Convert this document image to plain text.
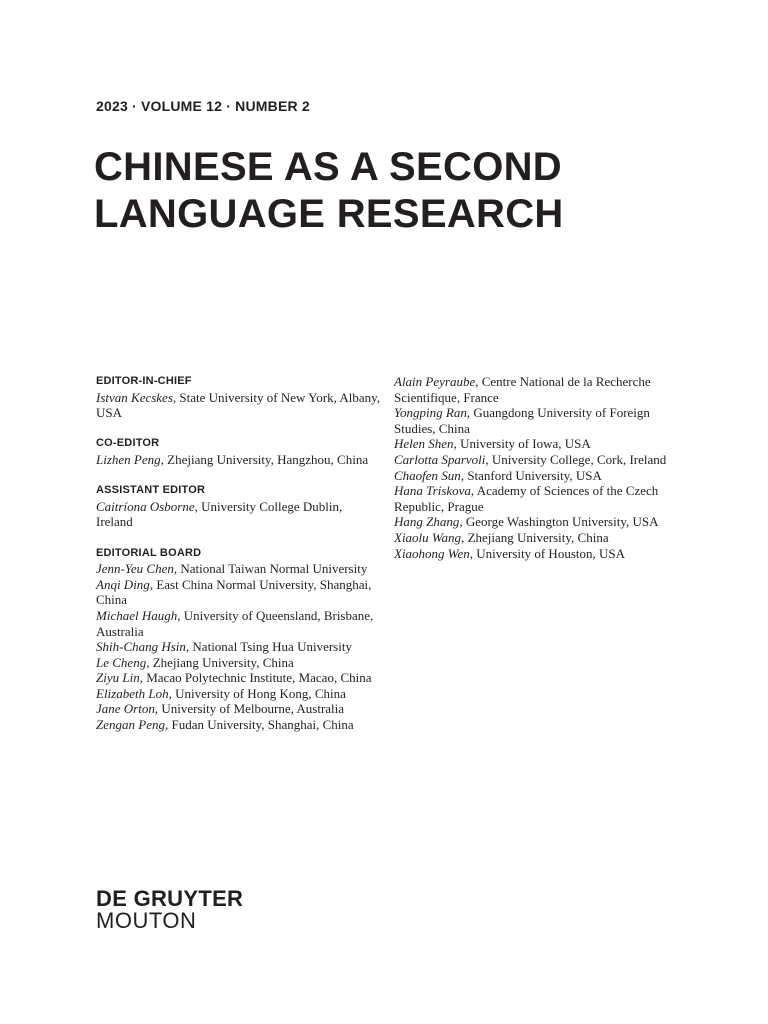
2023 · VOLUME 12 · NUMBER 2
CHINESE AS A SECOND
LANGUAGE RESEARCH
EDITOR-IN-CHIEF
Istvan Kecskes, State University of New York, Albany, USA
CO-EDITOR
Lizhen Peng, Zhejiang University, Hangzhou, China
ASSISTANT EDITOR
Caitríona Osborne, University College Dublin, Ireland
EDITORIAL BOARD
Jenn-Yeu Chen, National Taiwan Normal University
Anqi Ding, East China Normal University, Shanghai, China
Michael Haugh, University of Queensland, Brisbane, Australia
Shih-Chang Hsin, National Tsing Hua University
Le Cheng, Zhejiang University, China
Ziyu Lin, Macao Polytechnic Institute, Macao, China
Elizabeth Loh, University of Hong Kong, China
Jane Orton, University of Melbourne, Australia
Zengan Peng, Fudan University, Shanghai, China
Alain Peyraube, Centre National de la Recherche Scientifique, France
Yongping Ran, Guangdong University of Foreign Studies, China
Helen Shen, University of Iowa, USA
Carlotta Sparvoli, University College, Cork, Ireland
Chaofen Sun, Stanford University, USA
Hana Triskova, Academy of Sciences of the Czech Republic, Prague
Hang Zhang, George Washington University, USA
Xiaolu Wang, Zhejiang University, China
Xiaohong Wen, University of Houston, USA
DE GRUYTER
MOUTON
